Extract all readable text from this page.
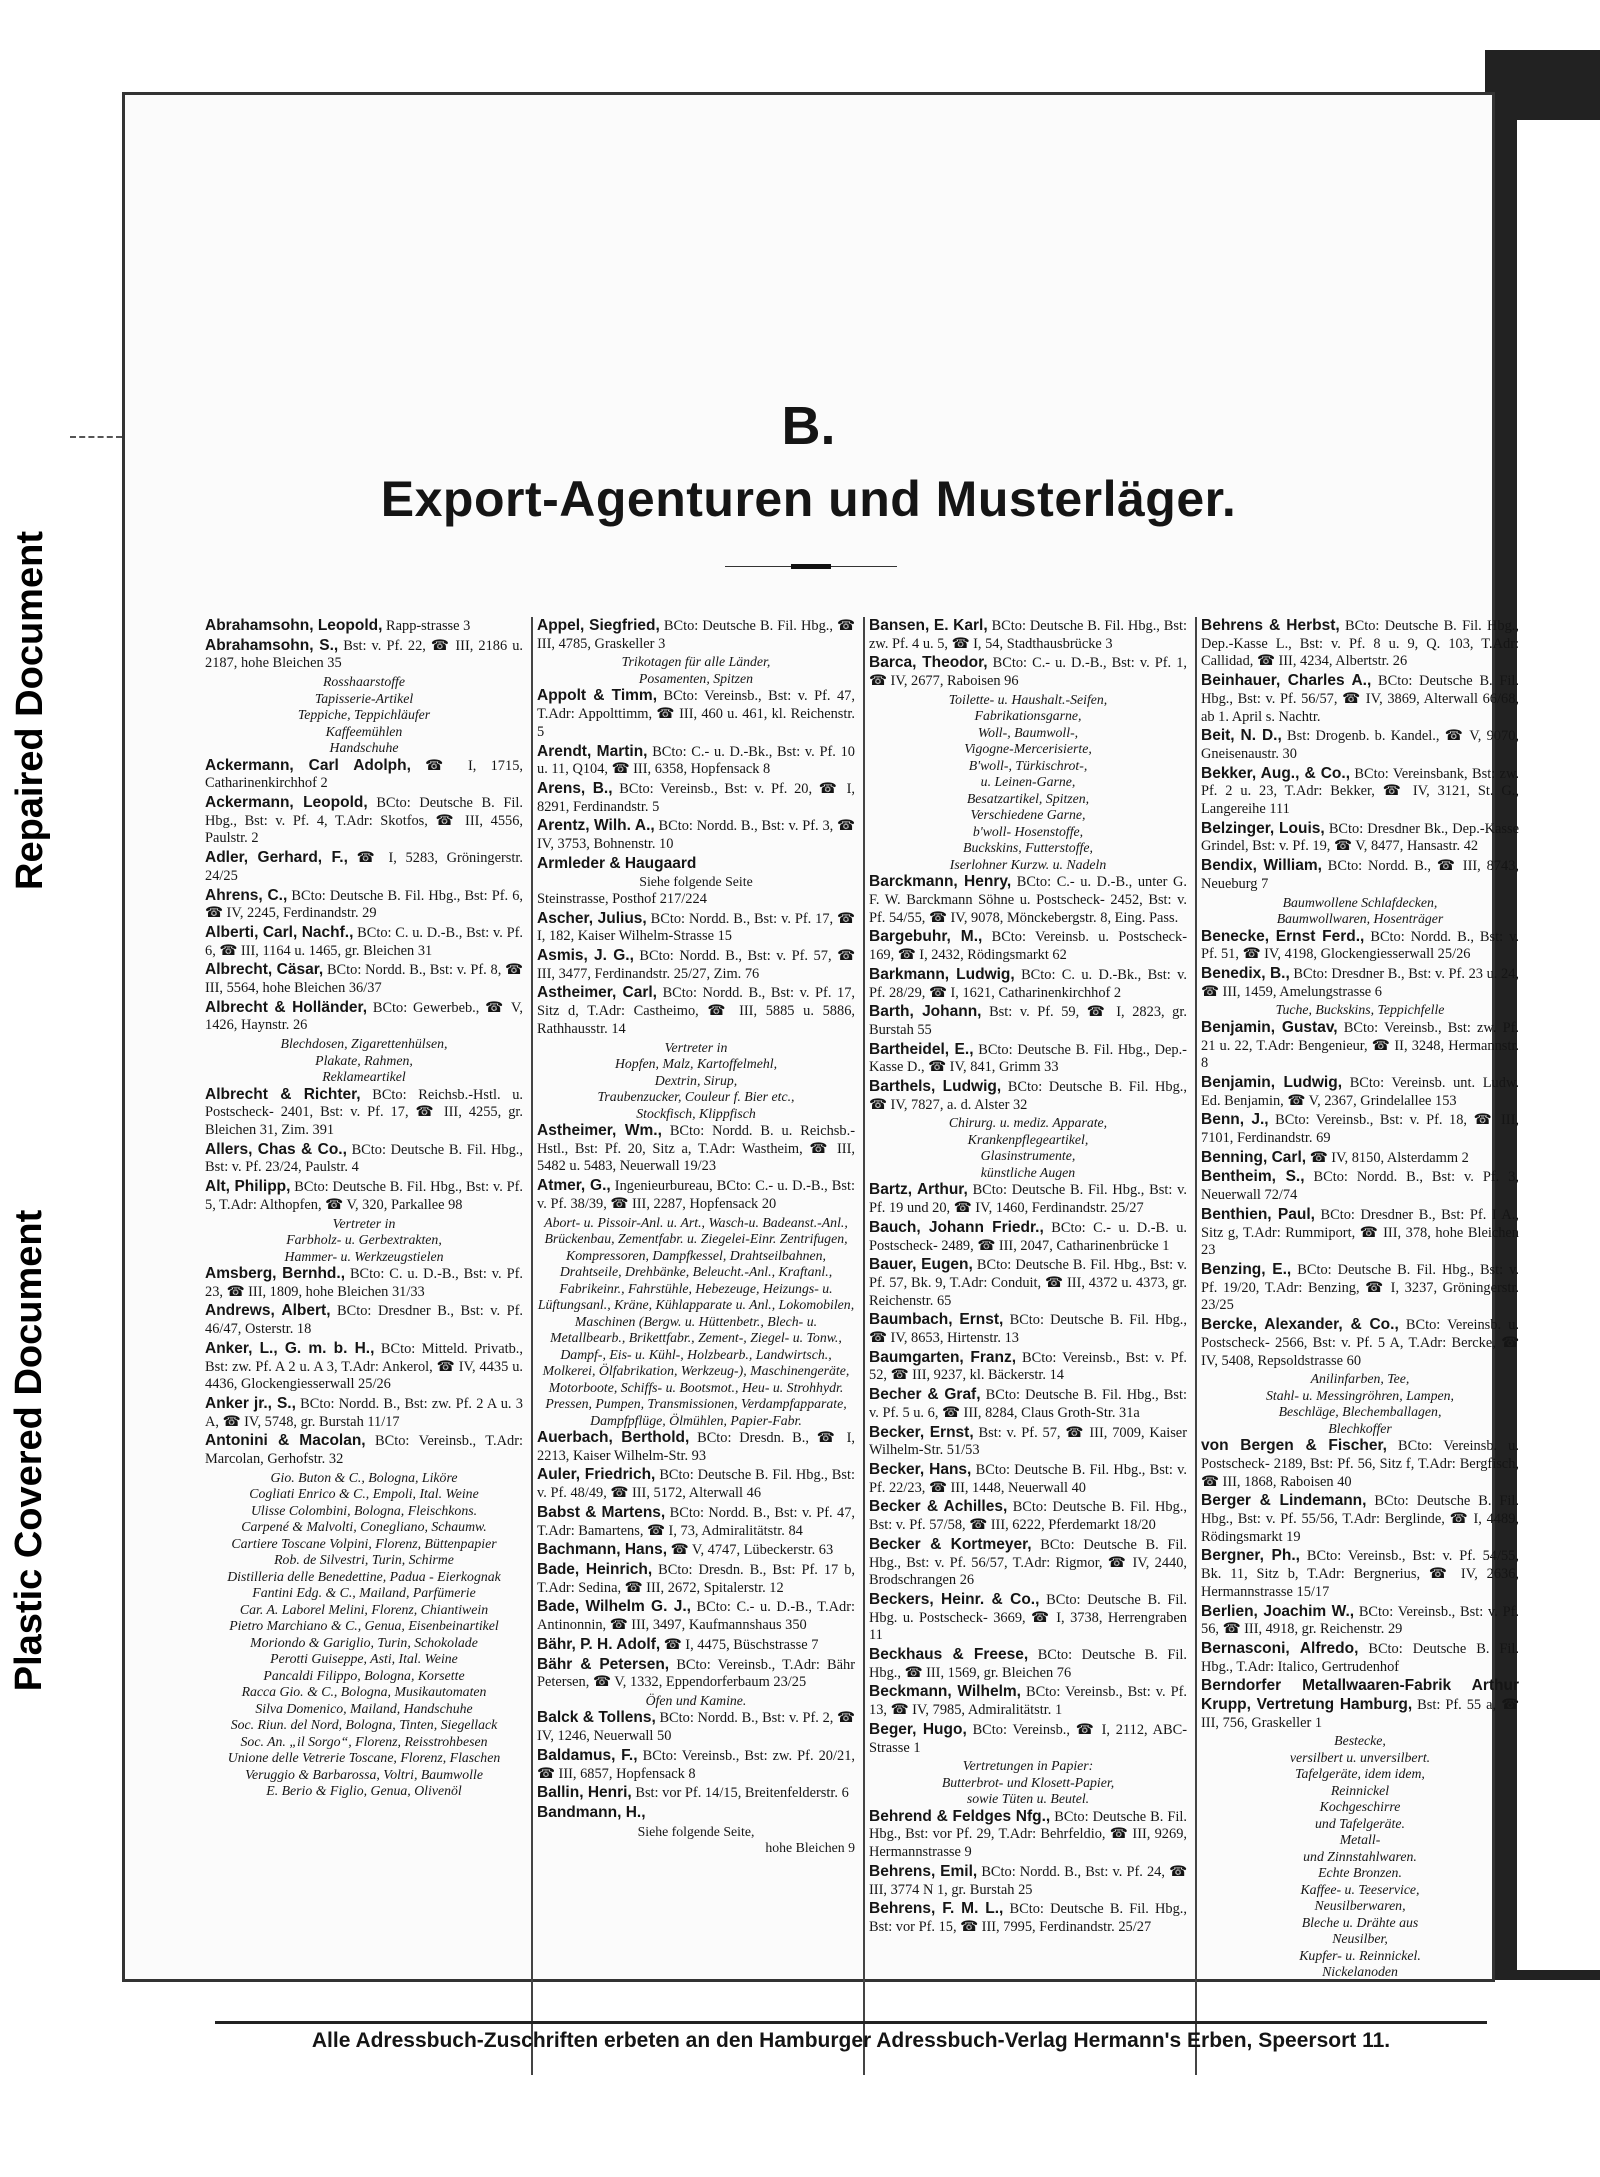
Repaired Document
Plastic Covered Document
B.
Export-Agenturen und Musterläger.

Abrahamsohn, Leopold, Rapp-strasse 3

Abrahamsohn, S., Bst: v. Pf. 22, ☎ III, 2186 u. 2187, hohe Bleichen 35

Rosshaarstoffe

Tapisserie-Artikel

Teppiche, Teppichläufer

Kaffeemühlen

Handschuhe

Ackermann, Carl Adolph, ☎ I, 1715, Catharinenkirchhof 2

Ackermann, Leopold, BCto: Deutsche B. Fil. Hbg., Bst: v. Pf. 4, T.Adr: Skotfos, ☎ III, 4556, Paulstr. 2

Adler, Gerhard, F., ☎ I, 5283, Gröningerstr. 24/25

Ahrens, C., BCto: Deutsche B. Fil. Hbg., Bst: Pf. 6, ☎ IV, 2245, Ferdinandstr. 29

Alberti, Carl, Nachf., BCto: C. u. D.-B., Bst: v. Pf. 6, ☎ III, 1164 u. 1465, gr. Bleichen 31

Albrecht, Cäsar, BCto: Nordd. B., Bst: v. Pf. 8, ☎ III, 5564, hohe Bleichen 36/37

Albrecht & Holländer, BCto: Gewerbeb., ☎ V, 1426, Haynstr. 26

Blechdosen, Zigarettenhülsen,

Plakate, Rahmen,

Reklameartikel

Albrecht & Richter, BCto: Reichsb.-Hstl. u. Postscheck- 2401, Bst: v. Pf. 17, ☎ III, 4255, gr. Bleichen 31, Zim. 391

Allers, Chas & Co., BCto: Deutsche B. Fil. Hbg., Bst: v. Pf. 23/24, Paulstr. 4

Alt, Philipp, BCto: Deutsche B. Fil. Hbg., Bst: v. Pf. 5, T.Adr: Althopfen, ☎ V, 320, Parkallee 98

Vertreter in

Farbholz- u. Gerbextrakten,

Hammer- u. Werkzeugstielen

Amsberg, Bernhd., BCto: C. u. D.-B., Bst: v. Pf. 23, ☎ III, 1809, hohe Bleichen 31/33

Andrews, Albert, BCto: Dresdner B., Bst: v. Pf. 46/47, Osterstr. 18

Anker, L., G. m. b. H., BCto: Mitteld. Privatb., Bst: zw. Pf. A 2 u. A 3, T.Adr: Ankerol, ☎ IV, 4435 u. 4436, Glockengiesserwall 25/26

Anker jr., S., BCto: Nordd. B., Bst: zw. Pf. 2 A u. 3 A, ☎ IV, 5748, gr. Burstah 11/17

Antonini & Macolan, BCto: Vereinsb., T.Adr: Marcolan, Gerhofstr. 32

Gio. Buton & C., Bologna, Liköre

Cogliati Enrico & C., Empoli, Ital. Weine

Ulisse Colombini, Bologna, Fleischkons.

Carpené & Malvolti, Conegliano, Schaumw.

Cartiere Toscane Volpini, Florenz, Büttenpapier

Rob. de Silvestri, Turin, Schirme

Distilleria delle Benedettine, Padua - Eierkognak

Fantini Edg. & C., Mailand, Parfümerie

Car. A. Laborel Melini, Florenz, Chiantiwein

Pietro Marchiano & C., Genua, Eisenbeinartikel

Moriondo & Gariglio, Turin, Schokolade

Perotti Guiseppe, Asti, Ital. Weine

Pancaldi Filippo, Bologna, Korsette

Racca Gio. & C., Bologna, Musikautomaten

Silva Domenico, Mailand, Handschuhe

Soc. Riun. del Nord, Bologna, Tinten, Siegellack

Soc. An. „il Sorgo“, Florenz, Reisstrohbesen

Unione delle Vetrerie Toscane, Florenz, Flaschen

Veruggio & Barbarossa, Voltri, Baumwolle

E. Berio & Figlio, Genua, Olivenöl

Appel, Siegfried, BCto: Deutsche B. Fil. Hbg., ☎ III, 4785, Graskeller 3

Trikotagen für alle Länder,

Posamenten, Spitzen

Appolt & Timm, BCto: Vereinsb., Bst: v. Pf. 47, T.Adr: Appolttimm, ☎ III, 460 u. 461, kl. Reichenstr. 5

Arendt, Martin, BCto: C.- u. D.-Bk., Bst: v. Pf. 10 u. 11, Q104, ☎ III, 6358, Hopfensack 8

Arens, B., BCto: Vereinsb., Bst: v. Pf. 20, ☎ I, 8291, Ferdinandstr. 5

Arentz, Wilh. A., BCto: Nordd. B., Bst: v. Pf. 3, ☎ IV, 3753, Bohnenstr. 10

Armleder & Haugaard

Siehe folgende Seite

Steinstrasse, Posthof 217/224

Ascher, Julius, BCto: Nordd. B., Bst: v. Pf. 17, ☎ I, 182, Kaiser Wilhelm-Strasse 15

Asmis, J. G., BCto: Nordd. B., Bst: v. Pf. 57, ☎ III, 3477, Ferdinandstr. 25/27, Zim. 76

Astheimer, Carl, BCto: Nordd. B., Bst: v. Pf. 17, Sitz d, T.Adr: Castheimo, ☎ III, 5885 u. 5886, Rathhausstr. 14

Vertreter in

Hopfen, Malz, Kartoffelmehl,

Dextrin, Sirup,

Traubenzucker, Couleur f. Bier etc.,

Stockfisch, Klippfisch

Astheimer, Wm., BCto: Nordd. B. u. Reichsb.-Hstl., Bst: Pf. 20, Sitz a, T.Adr: Wastheim, ☎ III, 5482 u. 5483, Neuerwall 19/23

Atmer, G., Ingenieurbureau, BCto: C.- u. D.-B., Bst: v. Pf. 38/39, ☎ III, 2287, Hopfensack 20

Abort- u. Pissoir-Anl. u. Art., Wasch-u. Badeanst.-Anl., Brückenbau, Zementfabr. u. Ziegelei-Einr. Zentrifugen, Kompressoren, Dampfkessel, Drahtseilbahnen, Drahtseile, Drehbänke, Beleucht.-Anl., Kraftanl., Fabrikeinr., Fahrstühle, Hebezeuge, Heizungs- u. Lüftungsanl., Kräne, Kühlapparate u. Anl., Lokomobilen, Maschinen (Bergw. u. Hüttenbetr., Blech- u. Metallbearb., Brikettfabr., Zement-, Ziegel- u. Tonw., Dampf-, Eis- u. Kühl-, Holzbearb., Landwirtsch., Molkerei, Ölfabrikation, Werkzeug-), Maschinengeräte, Motorboote, Schiffs- u. Bootsmot., Heu- u. Strohhydr. Pressen, Pumpen, Transmissionen, Verdampfapparate, Dampfpflüge, Ölmühlen, Papier-Fabr.

Auerbach, Berthold, BCto: Dresdn. B., ☎ I, 2213, Kaiser Wilhelm-Str. 93

Auler, Friedrich, BCto: Deutsche B. Fil. Hbg., Bst: v. Pf. 48/49, ☎ III, 5172, Alterwall 46

Babst & Martens, BCto: Nordd. B., Bst: v. Pf. 47, T.Adr: Bamartens, ☎ I, 73, Admiralitätstr. 84

Bachmann, Hans, ☎ V, 4747, Lübeckerstr. 63

Bade, Heinrich, BCto: Dresdn. B., Bst: Pf. 17 b, T.Adr: Sedina, ☎ III, 2672, Spitalerstr. 12

Bade, Wilhelm G. J., BCto: C.- u. D.-B., T.Adr: Antinonnin, ☎ III, 3497, Kaufmannshaus 350

Bähr, P. H. Adolf, ☎ I, 4475, Büschstrasse 7

Bähr & Petersen, BCto: Vereinsb., T.Adr: Bähr Petersen, ☎ V, 1332, Eppendorferbaum 23/25

Öfen und Kamine.

Balck & Tollens, BCto: Nordd. B., Bst: v. Pf. 2, ☎ IV, 1246, Neuerwall 50

Baldamus, F., BCto: Vereinsb., Bst: zw. Pf. 20/21, ☎ III, 6857, Hopfensack 8

Ballin, Henri, Bst: vor Pf. 14/15, Breitenfelderstr. 6

Bandmann, H.,

Siehe folgende Seite,

hohe Bleichen 9

Bansen, E. Karl, BCto: Deutsche B. Fil. Hbg., Bst: zw. Pf. 4 u. 5, ☎ I, 54, Stadthausbrücke 3

Barca, Theodor, BCto: C.- u. D.-B., Bst: v. Pf. 1, ☎ IV, 2677, Raboisen 96

Toilette- u. Haushalt.-Seifen,

Fabrikationsgarne,

Woll-, Baumwoll-,

Vigogne-Mercerisierte,

B'woll-, Türkischrot-,

u. Leinen-Garne,

Besatzartikel, Spitzen,

Verschiedene Garne,

b'woll- Hosenstoffe,

Buckskins, Futterstoffe,

Iserlohner Kurzw. u. Nadeln

Barckmann, Henry, BCto: C.- u. D.-B., unter G. F. W. Barckmann Söhne u. Postscheck- 2452, Bst: v. Pf. 54/55, ☎ IV, 9078, Mönckebergstr. 8, Eing. Pass.

Bargebuhr, M., BCto: Vereinsb. u. Postscheck- 169, ☎ I, 2432, Rödingsmarkt 62

Barkmann, Ludwig, BCto: C. u. D.-Bk., Bst: v. Pf. 28/29, ☎ I, 1621, Catharinenkirchhof 2

Barth, Johann, Bst: v. Pf. 59, ☎ I, 2823, gr. Burstah 55

Bartheidel, E., BCto: Deutsche B. Fil. Hbg., Dep.-Kasse D., ☎ IV, 841, Grimm 33

Barthels, Ludwig, BCto: Deutsche B. Fil. Hbg., ☎ IV, 7827, a. d. Alster 32

Chirurg. u. mediz. Apparate,

Krankenpflegeartikel,

Glasinstrumente,

künstliche Augen

Bartz, Arthur, BCto: Deutsche B. Fil. Hbg., Bst: v. Pf. 19 und 20, ☎ IV, 1460, Ferdinandstr. 25/27

Bauch, Johann Friedr., BCto: C.- u. D.-B. u. Postscheck- 2489, ☎ III, 2047, Catharinenbrücke 1

Bauer, Eugen, BCto: Deutsche B. Fil. Hbg., Bst: v. Pf. 57, Bk. 9, T.Adr: Conduit, ☎ III, 4372 u. 4373, gr. Reichenstr. 65

Baumbach, Ernst, BCto: Deutsche B. Fil. Hbg., ☎ IV, 8653, Hirtenstr. 13

Baumgarten, Franz, BCto: Vereinsb., Bst: v. Pf. 52, ☎ III, 9237, kl. Bäckerstr. 14

Becher & Graf, BCto: Deutsche B. Fil. Hbg., Bst: v. Pf. 5 u. 6, ☎ III, 8284, Claus Groth-Str. 31a

Becker, Ernst, Bst: v. Pf. 57, ☎ III, 7009, Kaiser Wilhelm-Str. 51/53

Becker, Hans, BCto: Deutsche B. Fil. Hbg., Bst: v. Pf. 22/23, ☎ III, 1448, Neuerwall 40

Becker & Achilles, BCto: Deutsche B. Fil. Hbg., Bst: v. Pf. 57/58, ☎ III, 6222, Pferdemarkt 18/20

Becker & Kortmeyer, BCto: Deutsche B. Fil. Hbg., Bst: v. Pf. 56/57, T.Adr: Rigmor, ☎ IV, 2440, Brodschrangen 26

Beckers, Heinr. & Co., BCto: Deutsche B. Fil. Hbg. u. Postscheck- 3669, ☎ I, 3738, Herrengraben 11

Beckhaus & Freese, BCto: Deutsche B. Fil. Hbg., ☎ III, 1569, gr. Bleichen 76

Beckmann, Wilhelm, BCto: Vereinsb., Bst: v. Pf. 13, ☎ IV, 7985, Admiralitätstr. 1

Beger, Hugo, BCto: Vereinsb., ☎ I, 2112, ABC-Strasse 1

Vertretungen in Papier:

Butterbrot- und Klosett-Papier,

sowie Tüten u. Beutel.

Behrend & Feldges Nfg., BCto: Deutsche B. Fil. Hbg., Bst: vor Pf. 29, T.Adr: Behrfeldio, ☎ III, 9269, Hermannstrasse 9

Behrens, Emil, BCto: Nordd. B., Bst: v. Pf. 24, ☎ III, 3774 N 1, gr. Burstah 25

Behrens, F. M. L., BCto: Deutsche B. Fil. Hbg., Bst: vor Pf. 15, ☎ III, 7995, Ferdinandstr. 25/27

Behrens & Herbst, BCto: Deutsche B. Fil. Hbg., Dep.-Kasse L., Bst: v. Pf. 8 u. 9, Q. 103, T.Adr: Callidad, ☎ III, 4234, Albertstr. 26

Beinhauer, Charles A., BCto: Deutsche B. Fil. Hbg., Bst: v. Pf. 56/57, ☎ IV, 3869, Alterwall 66/68, ab 1. April s. Nachtr.

Beit, N. D., Bst: Drogenb. b. Kandel., ☎ V, 9070, Gneisenaustr. 30

Bekker, Aug., & Co., BCto: Vereinsbank, Bst: zw. Pf. 2 u. 23, T.Adr: Bekker, ☎ IV, 3121, St. G., Langereihe 111

Belzinger, Louis, BCto: Dresdner Bk., Dep.-Kasse Grindel, Bst: v. Pf. 19, ☎ V, 8477, Hansastr. 42

Bendix, William, BCto: Nordd. B., ☎ III, 8743, Neueburg 7

Baumwollene Schlafdecken,

Baumwollwaren, Hosenträger

Benecke, Ernst Ferd., BCto: Nordd. B., Bst: v. Pf. 51, ☎ IV, 4198, Glockengiesserwall 25/26

Benedix, B., BCto: Dresdner B., Bst: v. Pf. 23 u. 24, ☎ III, 1459, Amelungstrasse 6

Tuche, Buckskins, Teppichfelle

Benjamin, Gustav, BCto: Vereinsb., Bst: zw. Pf. 21 u. 22, T.Adr: Bengenieur, ☎ II, 3248, Hermannstr. 8

Benjamin, Ludwig, BCto: Vereinsb. unt. Ludw. Ed. Benjamin, ☎ V, 2367, Grindelallee 153

Benn, J., BCto: Vereinsb., Bst: v. Pf. 18, ☎ III, 7101, Ferdinandstr. 69

Benning, Carl, ☎ IV, 8150, Alsterdamm 2

Bentheim, S., BCto: Nordd. B., Bst: v. Pf. 3, Neuerwall 72/74

Benthien, Paul, BCto: Dresdner B., Bst: Pf. I A., Sitz g, T.Adr: Rummiport, ☎ III, 378, hohe Bleichen 23

Benzing, E., BCto: Deutsche B. Fil. Hbg., Bst: v. Pf. 19/20, T.Adr: Benzing, ☎ I, 3237, Gröningerstr. 23/25

Bercke, Alexander, & Co., BCto: Vereinsb. u. Postscheck- 2566, Bst: v. Pf. 5 A, T.Adr: Bercke, ☎ IV, 5408, Repsoldstrasse 60

Anilinfarben, Tee,

Stahl- u. Messingröhren, Lampen,

Beschläge, Blechemballagen,

Blechkoffer

von Bergen & Fischer, BCto: Vereinsb. u. Postscheck- 2189, Bst: Pf. 56, Sitz f, T.Adr: Bergfisch, ☎ III, 1868, Raboisen 40

Berger & Lindemann, BCto: Deutsche B. Fil. Hbg., Bst: v. Pf. 55/56, T.Adr: Berglinde, ☎ I, 4489, Rödingsmarkt 19

Bergner, Ph., BCto: Vereinsb., Bst: v. Pf. 54/55, Bk. 11, Sitz b, T.Adr: Bergnerius, ☎ IV, 2636, Hermannstrasse 15/17

Berlien, Joachim W., BCto: Vereinsb., Bst: v. Pf. 56, ☎ III, 4918, gr. Reichenstr. 29

Bernasconi, Alfredo, BCto: Deutsche B. Fil. Hbg., T.Adr: Italico, Gertrudenhof

Berndorfer Metallwaaren-Fabrik Arthur Krupp, Vertretung Hamburg, Bst: Pf. 55 a, ☎ III, 756, Graskeller 1

Bestecke,

versilbert u. unversilbert.

Tafelgeräte, idem idem,

Reinnickel

Kochgeschirre

und Tafelgeräte.

Metall-

und Zinnstahlwaren.

Echte Bronzen.

Kaffee- u. Teeservice,

Neusilberwaren,

Bleche u. Drähte aus

Neusilber,

Kupfer- u. Reinnickel.

Nickelanoden

Alle Adressbuch-Zuschriften erbeten an den Hamburger Adressbuch-Verlag Hermann's Erben, Speersort 11.
